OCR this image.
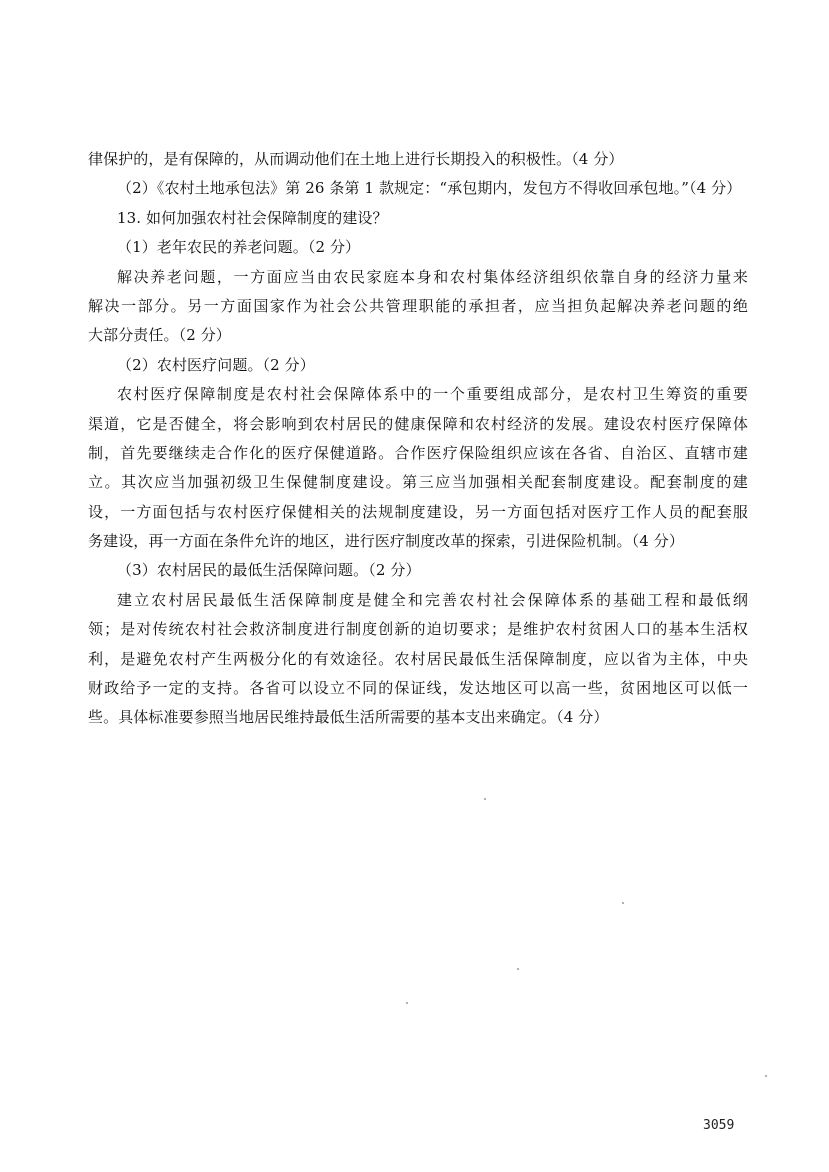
律保护的，是有保障的，从而调动他们在土地上进行长期投入的积极性。（4 分）
（2）《农村土地承包法》第 26 条第 1 款规定：“承包期内，发包方不得收回承包地。”（4 分）
13. 如何加强农村社会保障制度的建设？
（1）老年农民的养老问题。（2 分）
解决养老问题，一方面应当由农民家庭本身和农村集体经济组织依靠自身的经济力量来
解决一部分。另一方面国家作为社会公共管理职能的承担者，应当担负起解决养老问题的绝
大部分责任。（2 分）
（2）农村医疗问题。（2 分）
农村医疗保障制度是农村社会保障体系中的一个重要组成部分，是农村卫生筹资的重要
渠道，它是否健全，将会影响到农村居民的健康保障和农村经济的发展。建设农村医疗保障体
制，首先要继续走合作化的医疗保健道路。合作医疗保险组织应该在各省、自治区、直辖市建
立。其次应当加强初级卫生保健制度建设。第三应当加强相关配套制度建设。配套制度的建
设，一方面包括与农村医疗保健相关的法规制度建设，另一方面包括对医疗工作人员的配套服
务建设，再一方面在条件允许的地区，进行医疗制度改革的探索，引进保险机制。（4 分）
（3）农村居民的最低生活保障问题。（2 分）
建立农村居民最低生活保障制度是健全和完善农村社会保障体系的基础工程和最低纲
领；是对传统农村社会救济制度进行制度创新的迫切要求；是维护农村贫困人口的基本生活权
利，是避免农村产生两极分化的有效途径。农村居民最低生活保障制度，应以省为主体，中央
财政给予一定的支持。各省可以设立不同的保证线，发达地区可以高一些，贫困地区可以低一
些。具体标准要参照当地居民维持最低生活所需要的基本支出来确定。（4 分）
3059
